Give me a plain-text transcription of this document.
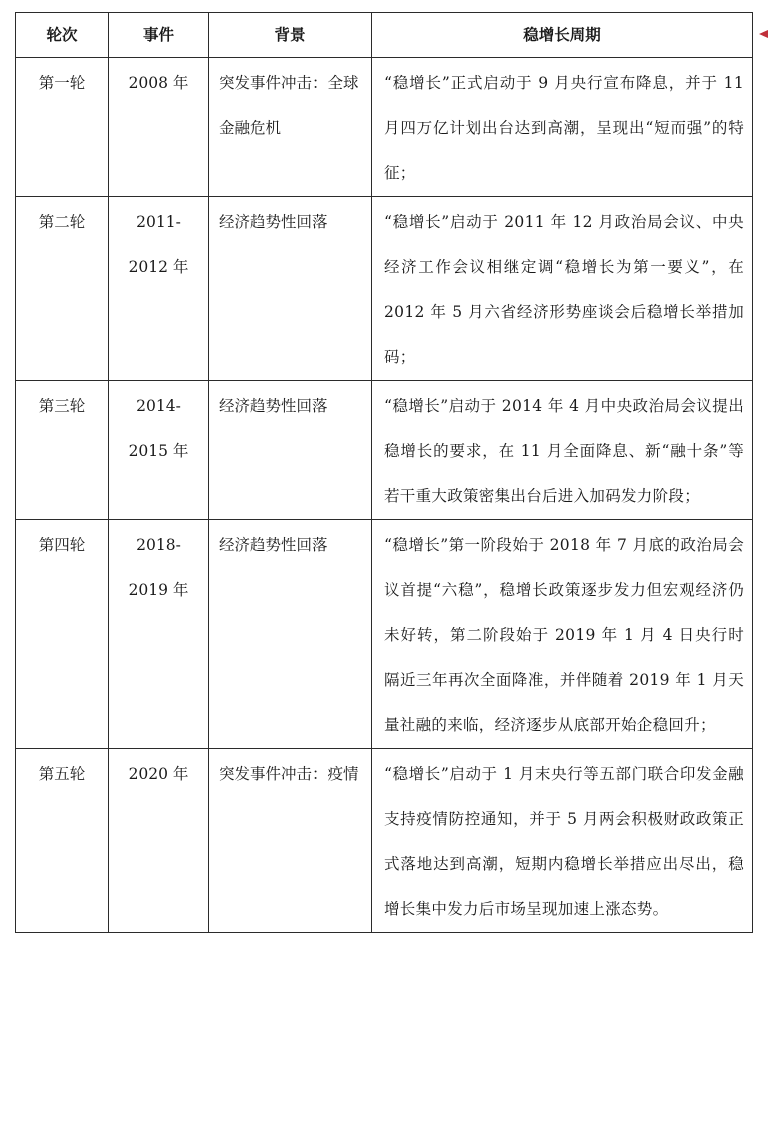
轮次	事件	背景	稳增长周期
第一轮	2008 年	突发事件冲击：全球金融危机	“稳增长”正式启动于 9 月央行宣布降息，并于 11 月四万亿计划出台达到高潮，呈现出“短而强”的特征；
第二轮	2011-2012 年	经济趋势性回落	“稳增长”启动于 2011 年 12 月政治局会议、中央经济工作会议相继定调“稳增长为第一要义”，在 2012 年 5 月六省经济形势座谈会后稳增长举措加码；
第三轮	2014-2015 年	经济趋势性回落	“稳增长”启动于 2014 年 4 月中央政治局会议提出稳增长的要求，在 11 月全面降息、新“融十条”等若干重大政策密集出台后进入加码发力阶段；
第四轮	2018-2019 年	经济趋势性回落	“稳增长”第一阶段始于 2018 年 7 月底的政治局会议首提“六稳”，稳增长政策逐步发力但宏观经济仍未好转，第二阶段始于 2019 年 1 月 4 日央行时隔近三年再次全面降准，并伴随着 2019 年 1 月天量社融的来临，经济逐步从底部开始企稳回升；
第五轮	2020 年	突发事件冲击：疫情	“稳增长”启动于 1 月末央行等五部门联合印发金融支持疫情防控通知，并于 5 月两会积极财政政策正式落地达到高潮，短期内稳增长举措应出尽出，稳增长集中发力后市场呈现加速上涨态势。
